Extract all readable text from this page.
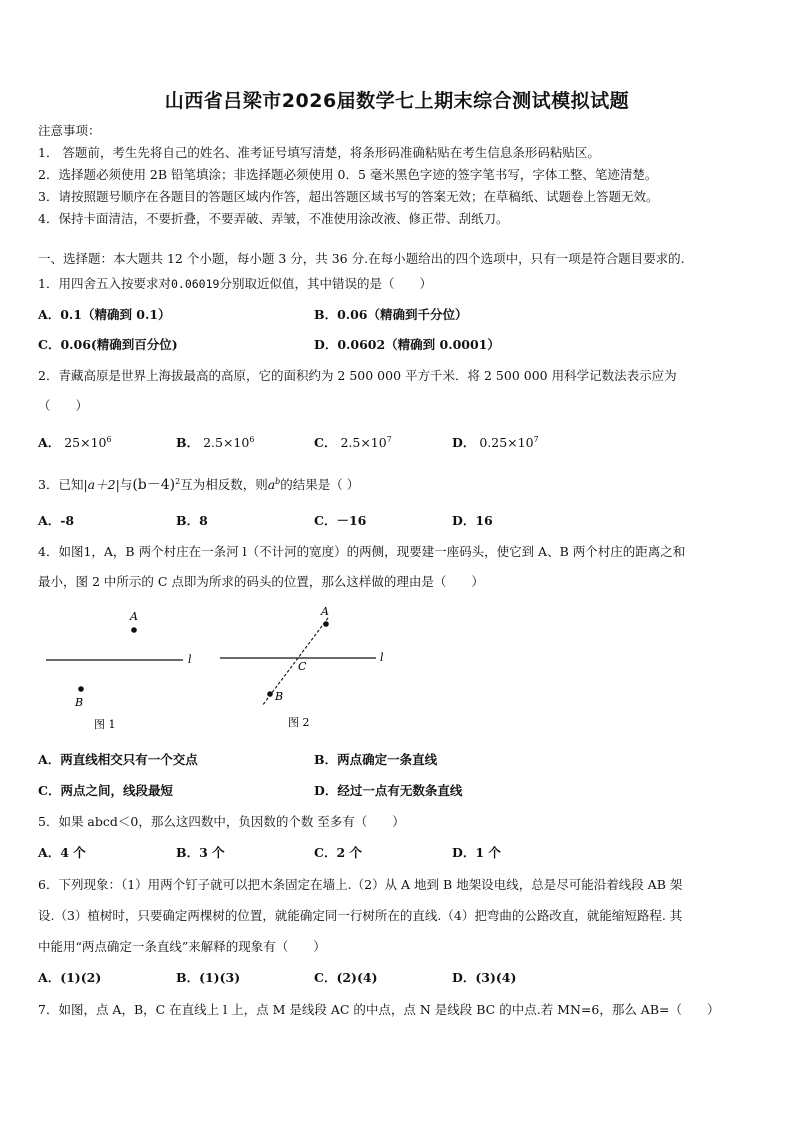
山西省吕梁市2026届数学七上期末综合测试模拟试题
注意事项：
1． 答题前，考生先将自己的姓名、准考证号填写清楚，将条形码准确粘贴在考生信息条形码粘贴区。
2．选择题必须使用 2B 铅笔填涂；非选择题必须使用 0．5 毫米黑色字迹的签字笔书写，字体工整、笔迹清楚。
3．请按照题号顺序在各题目的答题区域内作答，超出答题区域书写的答案无效；在草稿纸、试题卷上答题无效。
4．保持卡面清洁，不要折叠，不要弄破、弄皱，不准使用涂改液、修正带、刮纸刀。
一、选择题：本大题共 12 个小题，每小题 3 分，共 36 分.在每小题给出的四个选项中，只有一项是符合题目要求的.
1．用四舍五入按要求对0.06019分别取近似值，其中错误的是（　　）
A．0.1（精确到 0.1）	B．0.06（精确到千分位）
C．0.06(精确到百分位)	D．0.0602（精确到 0.0001）
2．青藏高原是世界上海拔最高的高原，它的面积约为 2 500 000 平方千米．将 2 500 000 用科学记数法表示应为
（　　）
A． $25\times 10^6$	B． $2.5\times 10^6$	C． $2.5\times 10^7$	D． $0.25\times 10^7$
3．已知|a＋2|与$(b-4)^2$互为相反数，则$a^b$的结果是（ ）
A．-8	B．8	C．－16	D．16
4．如图1，A，B 两个村庄在一条河 l（不计河的宽度）的两侧，现要建一座码头，使它到 A、B 两个村庄的距离之和
最小，图 2 中所示的 C 点即为所求的码头的位置，那么这样做的理由是（　　）
A
B
l
图 1
A
B
C
l
图 2
A．两直线相交只有一个交点	B．两点确定一条直线
C．两点之间，线段最短	D．经过一点有无数条直线
5．如果 abcd＜0，那么这四数中，负因数的个数 至多有（　　）
A．4 个	B．3 个	C．2 个	D．1 个
6．下列现象：（1）用两个钉子就可以把木条固定在墙上.（2）从 A 地到 B 地架设电线，总是尽可能沿着线段 AB 架
设.（3）植树时，只要确定两棵树的位置，就能确定同一行树所在的直线.（4）把弯曲的公路改直，就能缩短路程. 其
中能用“两点确定一条直线”来解释的现象有（　　）
A．(1)(2)	B．(1)(3)	C．(2)(4)	D．(3)(4)
7．如图，点 A，B，C 在直线上 l 上，点 M 是线段 AC 的中点，点 N 是线段 BC 的中点.若 MN=6，那么 AB=（　　）
